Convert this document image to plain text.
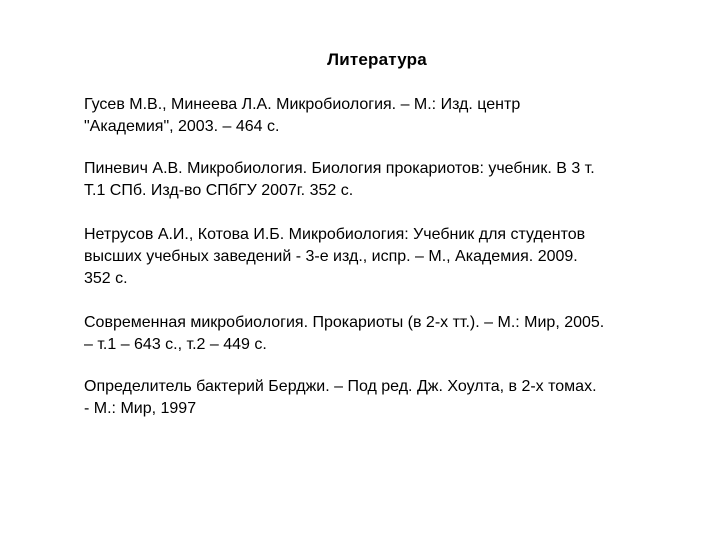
Литература
Гусев М.В., Минеева Л.А. Микробиология. – М.: Изд. центр
"Академия", 2003. – 464 с.
Пиневич А.В. Микробиология. Биология прокариотов: учебник. В 3 т.
Т.1 СПб. Изд-во СПбГУ 2007г. 352 с.
Нетрусов А.И., Котова И.Б. Микробиология: Учебник для студентов
высших учебных заведений - 3-е изд., испр. – М., Академия. 2009.
352 с.
Современная микробиология. Прокариоты (в 2-х тт.). – М.: Мир, 2005.
– т.1 – 643 с., т.2 – 449 с.
Определитель бактерий Берджи. – Под ред. Дж. Хоулта, в 2-х томах.
- М.: Мир, 1997
